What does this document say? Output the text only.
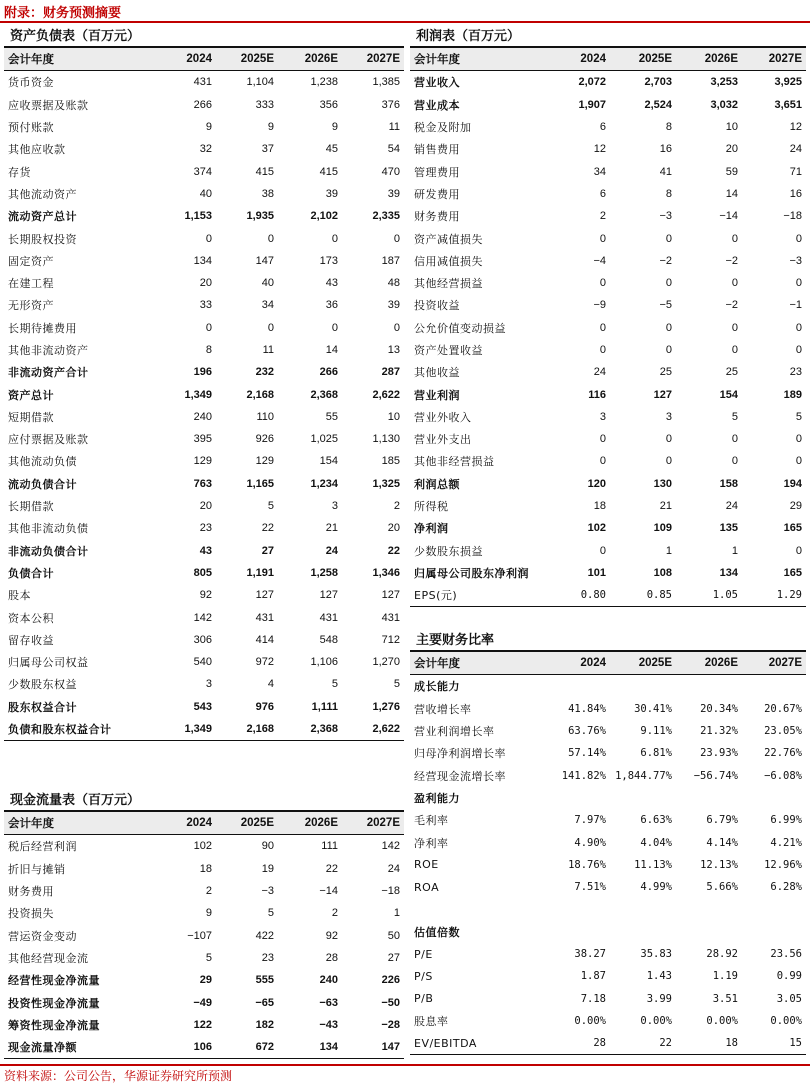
附录：财务预测摘要
资产负债表（百万元）
会计年度	2024	2025E	2026E	2027E
货币资金	431	1,104	1,238	1,385
应收票据及账款	266	333	356	376
预付账款	9	9	9	11
其他应收款	32	37	45	54
存货	374	415	415	470
其他流动资产	40	38	39	39
流动资产总计	1,153	1,935	2,102	2,335
长期股权投资	0	0	0	0
固定资产	134	147	173	187
在建工程	20	40	43	48
无形资产	33	34	36	39
长期待摊费用	0	0	0	0
其他非流动资产	8	11	14	13
非流动资产合计	196	232	266	287
资产总计	1,349	2,168	2,368	2,622
短期借款	240	110	55	10
应付票据及账款	395	926	1,025	1,130
其他流动负债	129	129	154	185
流动负债合计	763	1,165	1,234	1,325
长期借款	20	5	3	2
其他非流动负债	23	22	21	20
非流动负债合计	43	27	24	22
负债合计	805	1,191	1,258	1,346
股本	92	127	127	127
资本公积	142	431	431	431
留存收益	306	414	548	712
归属母公司权益	540	972	1,106	1,270
少数股东权益	3	4	5	5
股东权益合计	543	976	1,111	1,276
负债和股东权益合计	1,349	2,168	2,368	2,622
利润表（百万元）
会计年度	2024	2025E	2026E	2027E
营业收入	2,072	2,703	3,253	3,925
营业成本	1,907	2,524	3,032	3,651
税金及附加	6	8	10	12
销售费用	12	16	20	24
管理费用	34	41	59	71
研发费用	6	8	14	16
财务费用	2	−3	−14	−18
资产减值损失	0	0	0	0
信用减值损失	−4	−2	−2	−3
其他经营损益	0	0	0	0
投资收益	−9	−5	−2	−1
公允价值变动损益	0	0	0	0
资产处置收益	0	0	0	0
其他收益	24	25	25	23
营业利润	116	127	154	189
营业外收入	3	3	5	5
营业外支出	0	0	0	0
其他非经营损益	0	0	0	0
利润总额	120	130	158	194
所得税	18	21	24	29
净利润	102	109	135	165
少数股东损益	0	1	1	0
归属母公司股东净利润	101	108	134	165
EPS(元)	0.80	0.85	1.05	1.29
现金流量表（百万元）
会计年度	2024	2025E	2026E	2027E
税后经营利润	102	90	111	142
折旧与摊销	18	19	22	24
财务费用	2	−3	−14	−18
投资损失	9	5	2	1
营运资金变动	−107	422	92	50
其他经营现金流	5	23	28	27
经营性现金净流量	29	555	240	226
投资性现金净流量	−49	−65	−63	−50
筹资性现金净流量	122	182	−43	−28
现金流量净额	106	672	134	147
主要财务比率
会计年度	2024	2025E	2026E	2027E
成长能力				
营收增长率	41.84%	30.41%	20.34%	20.67%
营业利润增长率	63.76%	9.11%	21.32%	23.05%
归母净利润增长率	57.14%	6.81%	23.93%	22.76%
经营现金流增长率	141.82%	1,844.77%	−56.74%	−6.08%
盈利能力				
毛利率	7.97%	6.63%	6.79%	6.99%
净利率	4.90%	4.04%	4.14%	4.21%
ROE	18.76%	11.13%	12.13%	12.96%
ROA	7.51%	4.99%	5.66%	6.28%

估值倍数				
P/E	38.27	35.83	28.92	23.56
P/S	1.87	1.43	1.19	0.99
P/B	7.18	3.99	3.51	3.05
股息率	0.00%	0.00%	0.00%	0.00%
EV/EBITDA	28	22	18	15
资料来源：公司公告，华源证券研究所预测
